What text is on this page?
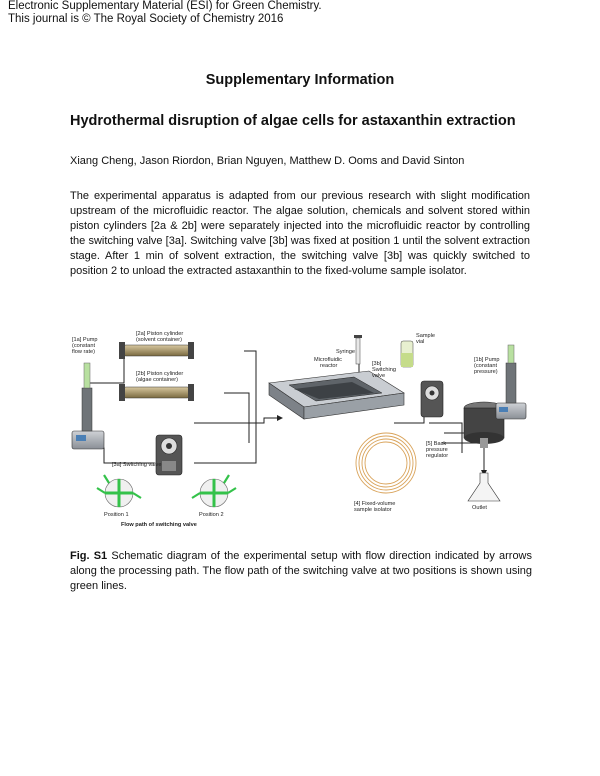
Electronic Supplementary Material (ESI) for Green Chemistry.
This journal is © The Royal Society of Chemistry 2016
Supplementary Information
Hydrothermal disruption of algae cells for astaxanthin extraction
Xiang Cheng, Jason Riordon, Brian Nguyen, Matthew D. Ooms and David Sinton
The experimental apparatus is adapted from our previous research with slight modification upstream of the microfluidic reactor. The algae solution, chemicals and solvent stored within piston cylinders [2a & 2b] were separately injected into the microfluidic reactor by controlling the switching valve [3a]. Switching valve [3b] was fixed at position 1 until the solvent extraction stage. After 1 min of solvent extraction, the switching valve [3b] was quickly switched to position 2 to unload the extracted astaxanthin to the fixed-volume sample isolator.
[1a] Pump
(constant
flow rate)
[2a] Piston cylinder
(solvent container)
[2b] Piston cylinder
(algae container)
Microfluidic
reactor
Syringe
[3b]
Switching
valve
Sample
vial
[1b] Pump
(constant
pressure)
[3a] Switching valve
[5] Back
pressure
regulator
[4] Fixed-volume
sample isolator	Outlet
Position 1	Position 2
Flow path of switching valve
Fig. S1 Schematic diagram of the experimental setup with flow direction indicated by arrows along the processing path. The flow path of the switching valve at two positions is shown using green lines.
